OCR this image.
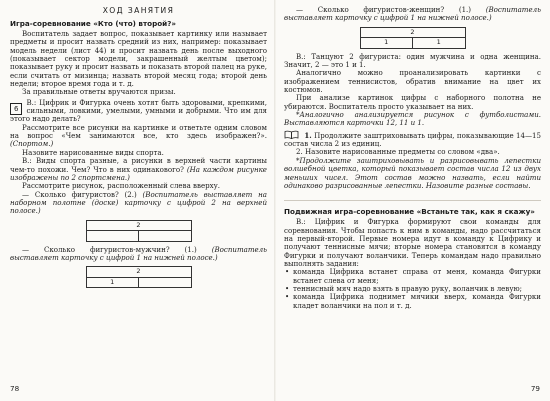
ХОД ЗАНЯТИЯ
Игра-соревнование «Кто (что) второй?»

Воспитатель задает вопрос, показывает картинку или называет предметы и просит назвать средний из них, например: показывает модель недели (лист 44) и просит назвать день после выходного (показывает сектор модели, закрашенный желтым цветом); показывает руку и просит назвать и показать второй палец на руке, если считать от мизинца; назвать второй месяц года; второй день недели; второе время года и т. д.

За правильные ответы вручаются призы.

6
В.: Цифрик и Фигурка очень хотят быть здоровыми, крепкими, сильными, ловкими, умелыми, умными и добрыми. Что им для этого надо делать?

Рассмотрите все рисунки на картинке и ответьте одним словом на вопрос «Чем занимаются все, кто здесь изображен?». (Спортом.)

Назовите нарисованные виды спорта.

В.: Виды спорта разные, а рисунки в верхней части картины чем-то похожи. Чем? Что в них одинакового? (На каждом рисунке изображены по 2 спортсмена.)

Рассмотрите рисунок, расположенный слева вверху.

— Сколько фигуристов? (2.) (Воспитатель выставляет на наборном полотне (доске) карточку с цифрой 2 на верхней полосе.)

2

— Сколько фигуристов-мужчин? (1.) (Воспитатель выставляет карточку с цифрой 1 на нижней полосе.)

2
1
78

— Сколько фигуристов-женщин? (1.) (Воспитатель выставляет карточку с цифрой 1 на нижней полосе.)

2
1	1

В.: Танцуют 2 фигуриста: один мужчина и одна женщина. Значит, 2 — это 1 и 1.

Аналогично можно проанализировать картинки с изображением теннисистов, обратив внимание на цвет их костюмов.

При анализе картинок цифры с наборного полотна не убираются. Воспитатель просто указывает на них.

*Аналогично анализируется рисунок с футболистами. Выставляются карточки 12, 11 и 1.

1. Продолжите заштриховывать цифры, показывающие 14—15 состав числа 2 из единиц.

2. Назовите нарисованные предметы со словом «два».

*Продолжите заштриховывать и разрисовывать лепестки волшебной цветка, который показывает состав числа 12 из двух меньших чисел. Этот состав можно назвать, если найти одинаково разрисованные лепестки. Назовите разные составы.

Подвижная игра-соревнование «Встаньте так, как я скажу»

В.: Цифрик и Фигурка формируют свои команды для соревнования. Чтобы попасть к ним в команды, надо рассчитаться на первый-второй. Первые номера идут в команду к Цифрику и получают теннисные мячи; вторые номера становятся в команду Фигурки и получают воланчики. Теперь командам надо правильно выполнять задания:

• команда Цифрика встанет справа от меня, команда Фигурки встанет слева от меня;
• теннисный мяч надо взять в правую руку, воланчик в левую;
• команда Цифрика поднимет мячики вверх, команда Фигурки кладет воланчики на пол и т. д.
79
